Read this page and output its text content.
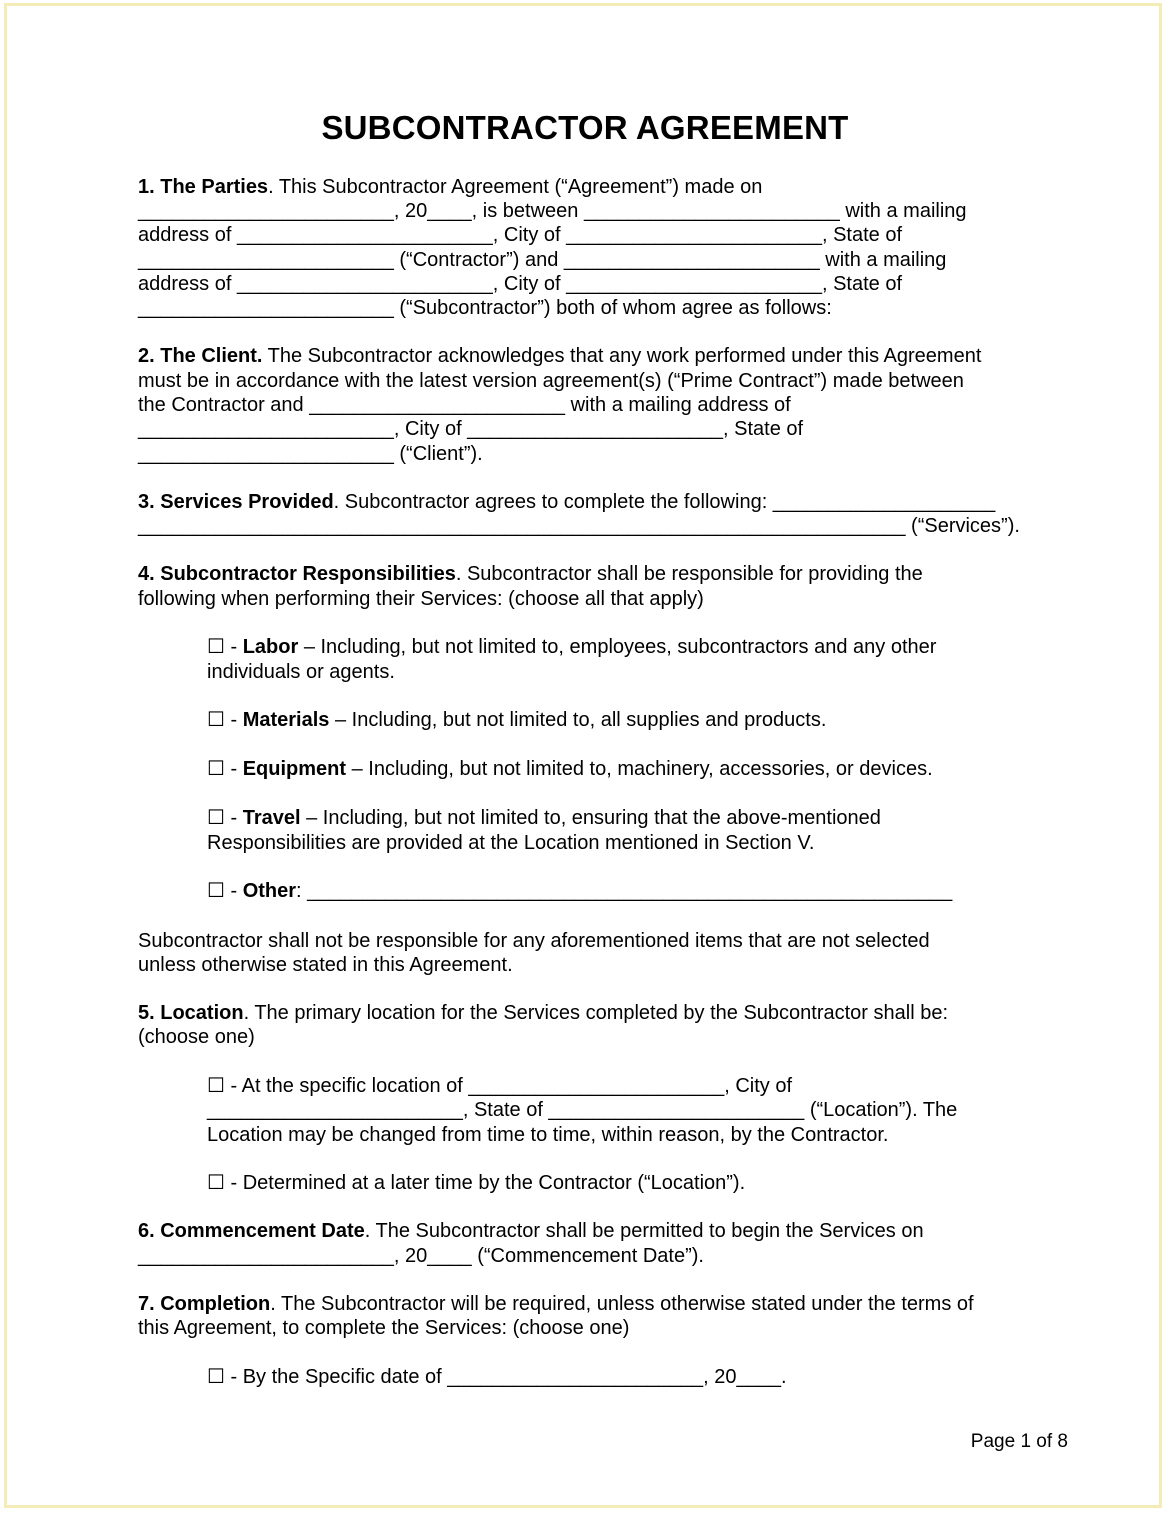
SUBCONTRACTOR AGREEMENT

1. The Parties. This Subcontractor Agreement (“Agreement”) made on

_______________________, 20____, is between _______________________ with a mailing

address of _______________________, City of _______________________, State of

_______________________ (“Contractor”) and _______________________ with a mailing

address of _______________________, City of _______________________, State of

_______________________ (“Subcontractor”) both of whom agree as follows:

2. The Client. The Subcontractor acknowledges that any work performed under this Agreement

must be in accordance with the latest version agreement(s) (“Prime Contract”) made between

the Contractor and _______________________ with a mailing address of

_______________________, City of _______________________, State of

_______________________ (“Client”).

3. Services Provided. Subcontractor agrees to complete the following: ____________________

_____________________________________________________________________ (“Services”).

4. Subcontractor Responsibilities. Subcontractor shall be responsible for providing the

following when performing their Services: (choose all that apply)

☐ - Labor – Including, but not limited to, employees, subcontractors and any other

individuals or agents.

☐ - Materials – Including, but not limited to, all supplies and products.

☐ - Equipment – Including, but not limited to, machinery, accessories, or devices.

☐ - Travel – Including, but not limited to, ensuring that the above-mentioned

Responsibilities are provided at the Location mentioned in Section V.

☐ - Other: __________________________________________________________

Subcontractor shall not be responsible for any aforementioned items that are not selected

unless otherwise stated in this Agreement.

5. Location. The primary location for the Services completed by the Subcontractor shall be:

(choose one)

☐ - At the specific location of _______________________, City of

_______________________, State of _______________________ (“Location”). The

Location may be changed from time to time, within reason, by the Contractor.

☐ - Determined at a later time by the Contractor (“Location”).

6. Commencement Date. The Subcontractor shall be permitted to begin the Services on

_______________________, 20____ (“Commencement Date”).

7. Completion. The Subcontractor will be required, unless otherwise stated under the terms of

this Agreement, to complete the Services: (choose one)

☐ - By the Specific date of _______________________, 20____.

Page 1 of 8
